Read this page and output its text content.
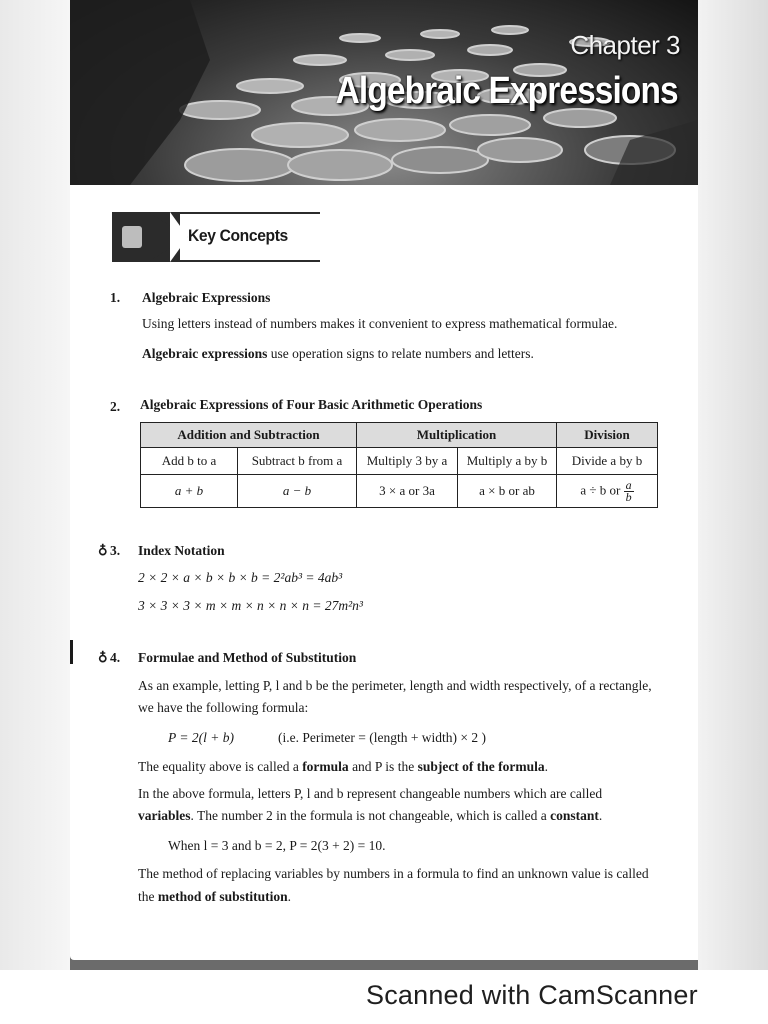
Chapter 3
Algebraic Expressions
Key Concepts
1. Algebraic Expressions
Using letters instead of numbers makes it convenient to express mathematical formulae.
Algebraic expressions use operation signs to relate numbers and letters.
2. Algebraic Expressions of Four Basic Arithmetic Operations
Addition and Subtraction		Multiplication		Division
Add b to a	Subtract b from a	Multiply 3 by a	Multiply a by b	Divide a by b
a + b	a − b	3 × a or 3a	a × b or ab	a ÷ b or $\frac{a}{b}$
♁ 3. Index Notation
2 × 2 × a × b × b × b = 2²ab³ = 4ab³
3 × 3 × 3 × m × m × n × n × n = 27m²n³
♁ 4. Formulae and Method of Substitution
As an example, letting P, l and b be the perimeter, length and width respectively, of a rectangle,
we have the following formula:
P = 2(l + b)	(i.e. Perimeter = (length + width) × 2 )
The equality above is called a formula and P is the subject of the formula.
In the above formula, letters P, l and b represent changeable numbers which are called
variables. The number 2 in the formula is not changeable, which is called a constant.
When l = 3 and b = 2, P = 2(3 + 2) = 10.
The method of replacing variables by numbers in a formula to find an unknown value is called
the method of substitution.
Scanned with CamScanner
